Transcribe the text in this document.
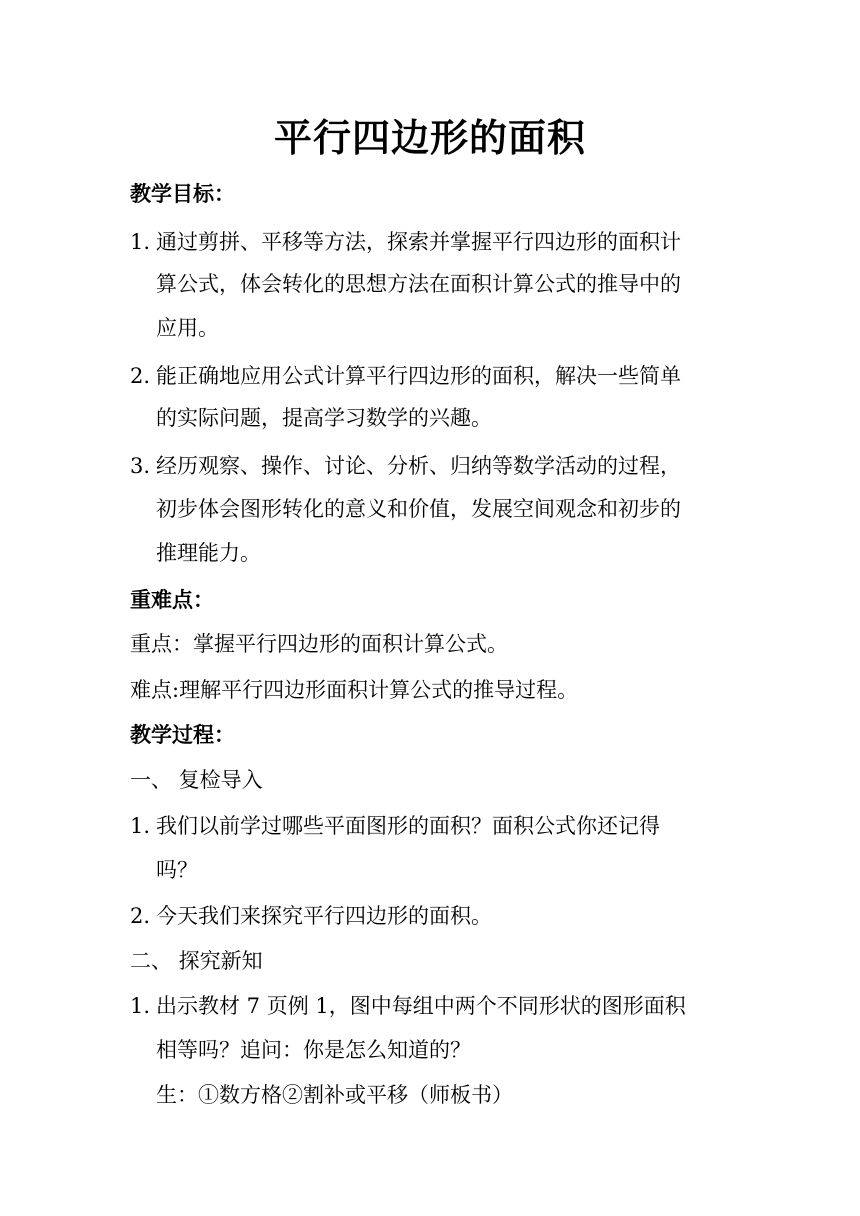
平行四边形的面积
教学目标：
1. 通过剪拼、平移等方法，探索并掌握平行四边形的面积计
算公式，体会转化的思想方法在面积计算公式的推导中的
应用。
2. 能正确地应用公式计算平行四边形的面积，解决一些简单
的实际问题，提高学习数学的兴趣。
3. 经历观察、操作、讨论、分析、归纳等数学活动的过程，
初步体会图形转化的意义和价值，发展空间观念和初步的
推理能力。
重难点：
重点：掌握平行四边形的面积计算公式。
难点:理解平行四边形面积计算公式的推导过程。
教学过程：
一、 复检导入
1. 我们以前学过哪些平面图形的面积？面积公式你还记得
吗？
2. 今天我们来探究平行四边形的面积。
二、 探究新知
1. 出示教材 7 页例 1，图中每组中两个不同形状的图形面积
相等吗？追问：你是怎么知道的？
生：①数方格②割补或平移（师板书）
